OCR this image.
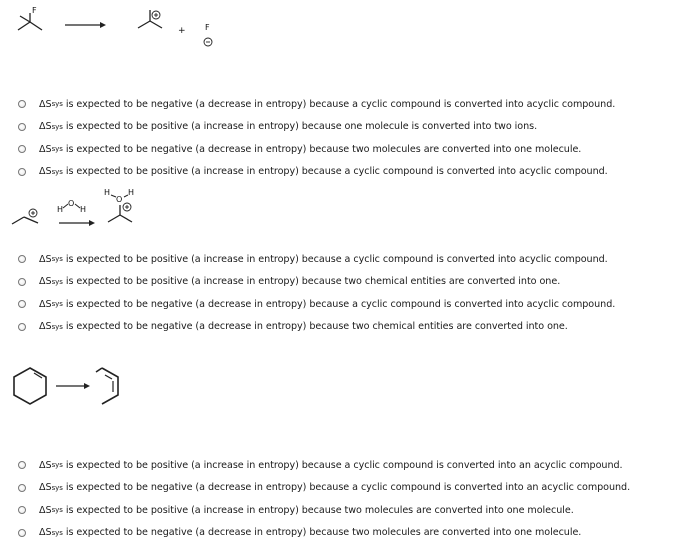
F
+ F
ΔS sys is expected to be negative (a decrease in entropy) because a cyclic compound is converted into acyclic compound.
ΔS sys is expected to be positive (a increase in entropy) because one molecule is converted into two ions.
ΔS sys is expected to be negative (a decrease in entropy) because two molecules are converted into one molecule.
ΔS sys is expected to be positive (a increase in entropy) because a cyclic compound is converted into acyclic compound.
H
O
H
H
O
H
ΔS sys is expected to be positive (a increase in entropy) because a cyclic compound is converted into acyclic compound.
ΔS sys is expected to be positive (a increase in entropy) because two chemical entities are converted into one.
ΔS sys is expected to be negative (a decrease in entropy) because a cyclic compound is converted into acyclic compound.
ΔS sys is expected to be negative (a decrease in entropy) because two chemical entities are converted into one.
ΔS sys is expected to be positive (a increase in entropy) because a cyclic compound is converted into an acyclic compound.
ΔS sys is expected to be negative (a decrease in entropy) because a cyclic compound is converted into an acyclic compound.
ΔS sys is expected to be positive (a increase in entropy) because two molecules are converted into one molecule.
ΔS sys is expected to be negative (a decrease in entropy) because two molecules are converted into one molecule.
